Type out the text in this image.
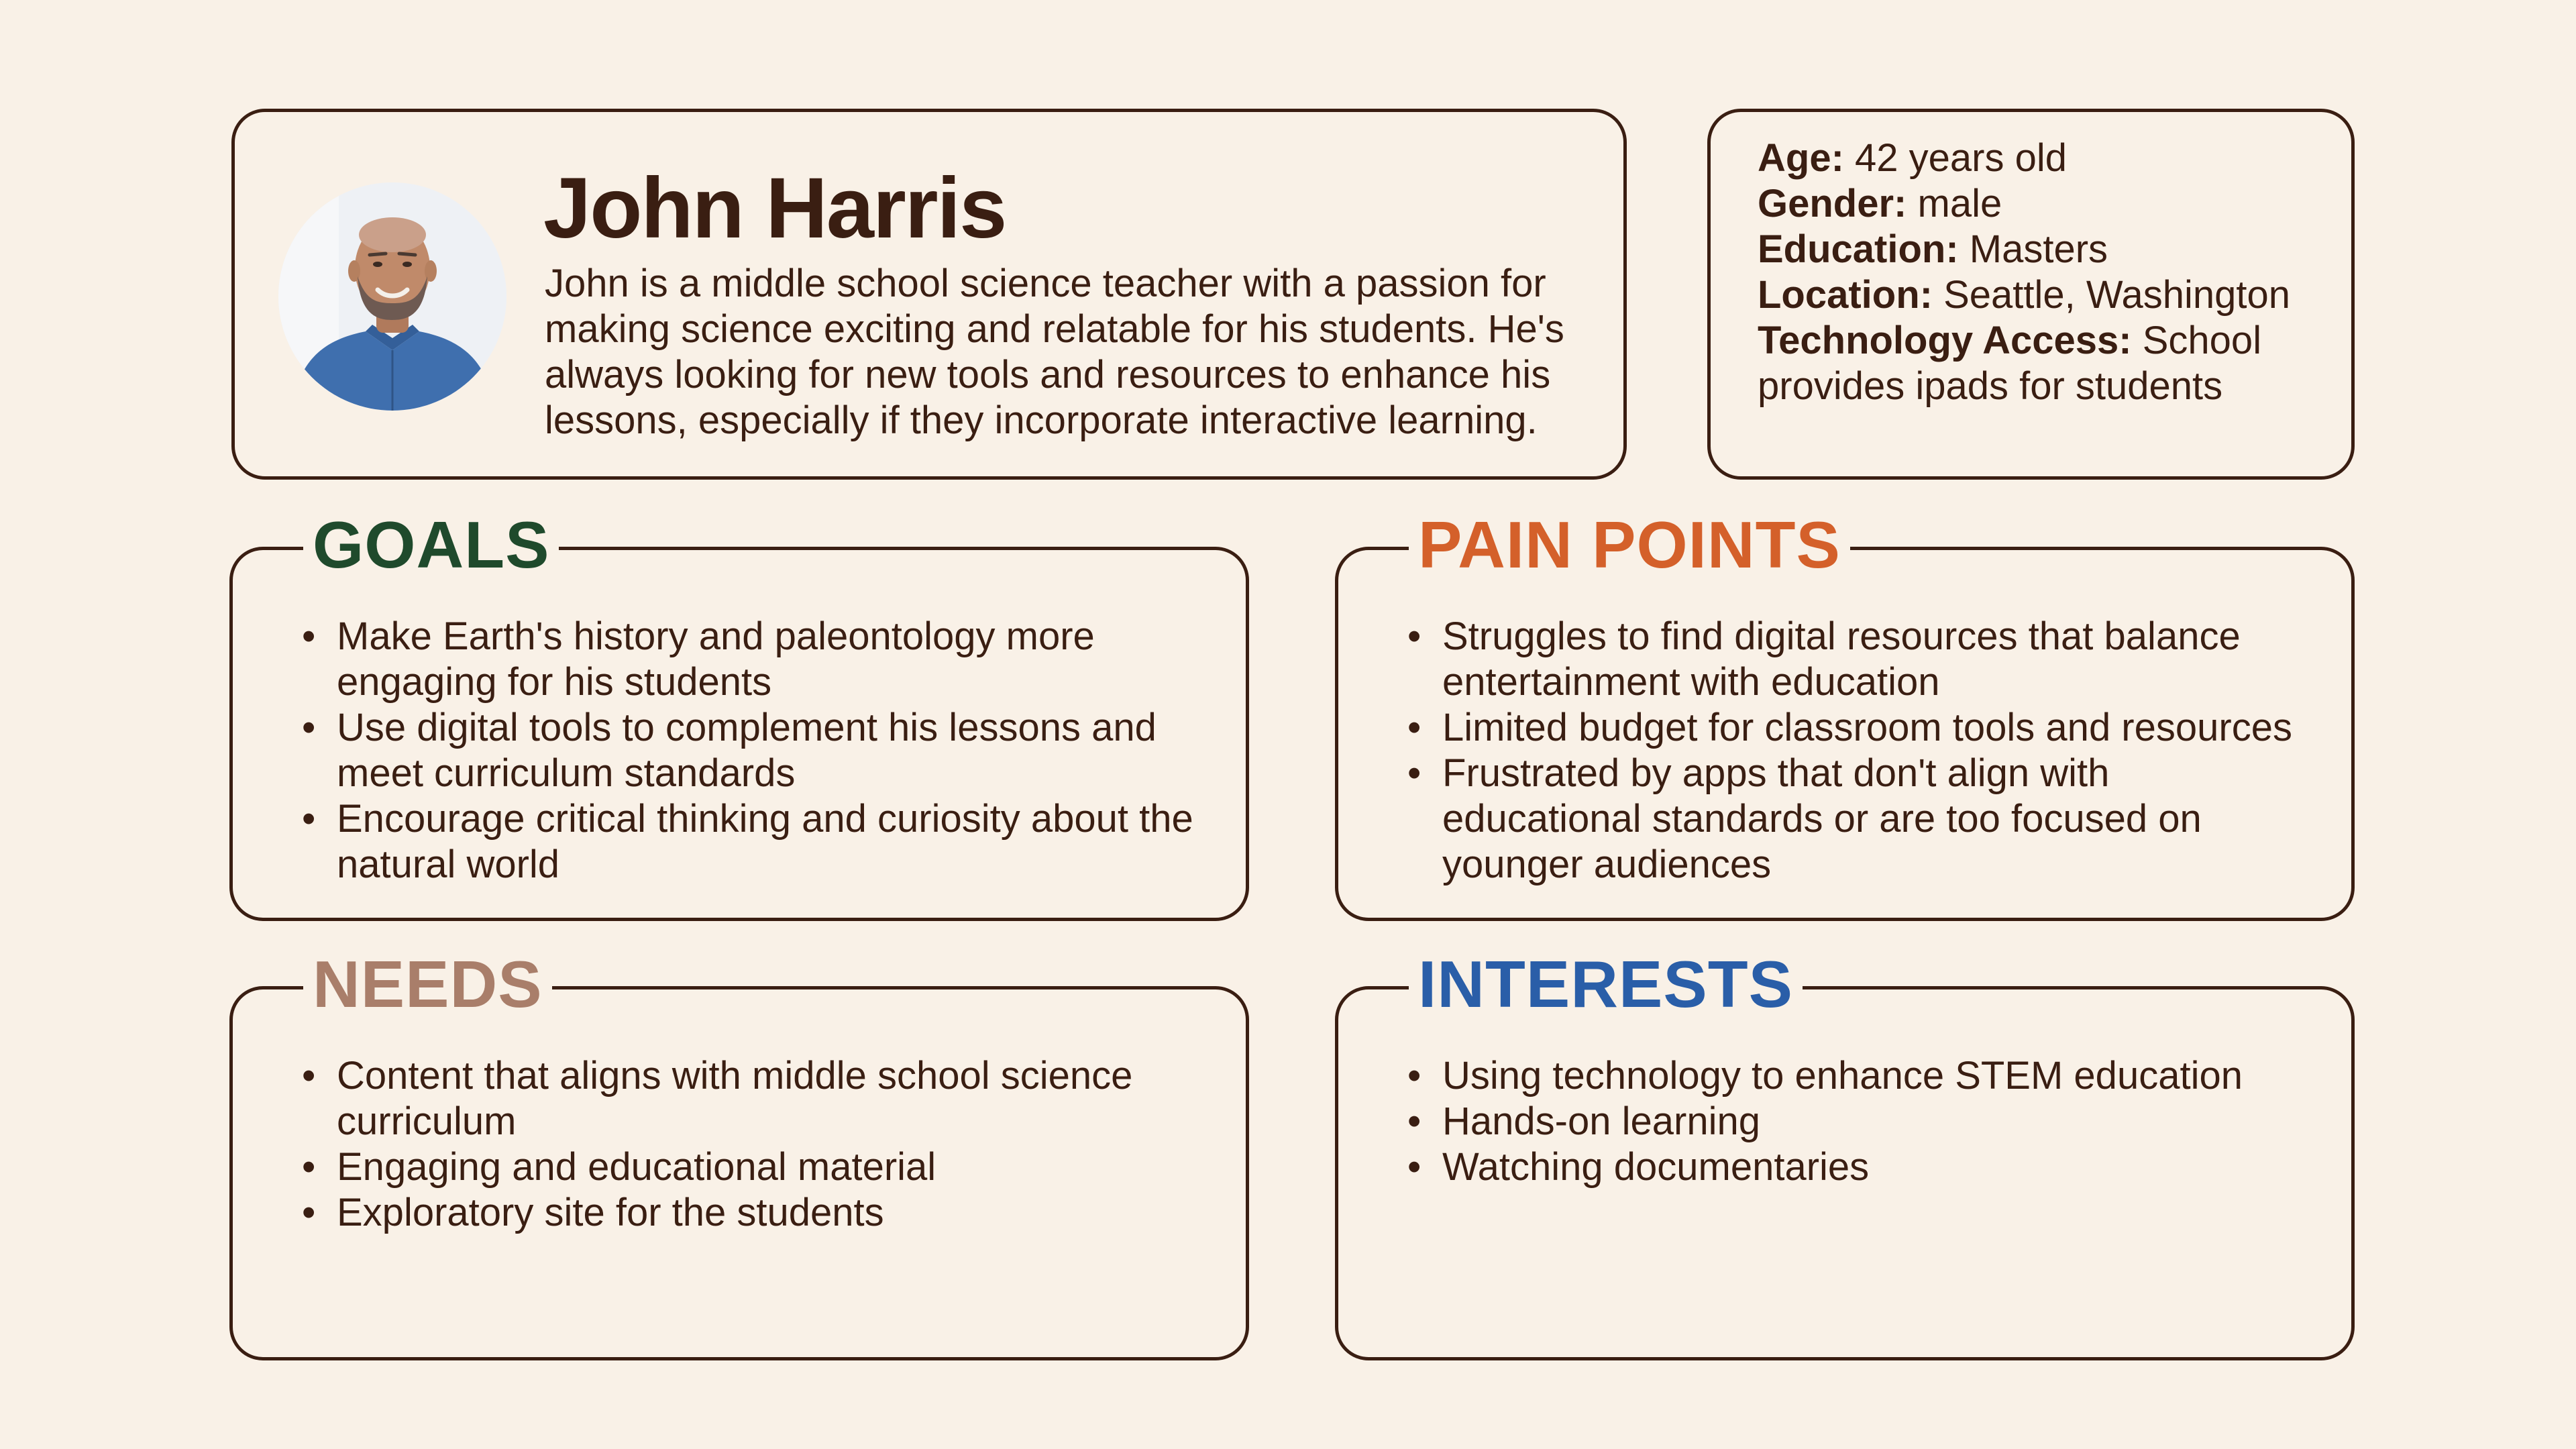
John Harris

John is a middle school science teacher with a passion for making science exciting and relatable for his students. He's always looking for new tools and resources to enhance his lessons, especially if they incorporate interactive learning.

Age: 42 years old
Gender: male
Education: Masters
Location: Seattle, Washington
Technology Access: School provides ipads for students
GOALS
• Make Earth's history and paleontology more engaging for his students
• Use digital tools to complement his lessons and meet curriculum standards
• Encourage critical thinking and curiosity about the natural world
PAIN POINTS
• Struggles to find digital resources that balance entertainment with education
• Limited budget for classroom tools and resources
• Frustrated by apps that don't align with educational standards or are too focused on younger audiences
NEEDS
• Content that aligns with middle school science curriculum
• Engaging and educational material
• Exploratory site for the students
INTERESTS
• Using technology to enhance STEM education
• Hands-on learning
• Watching documentaries
